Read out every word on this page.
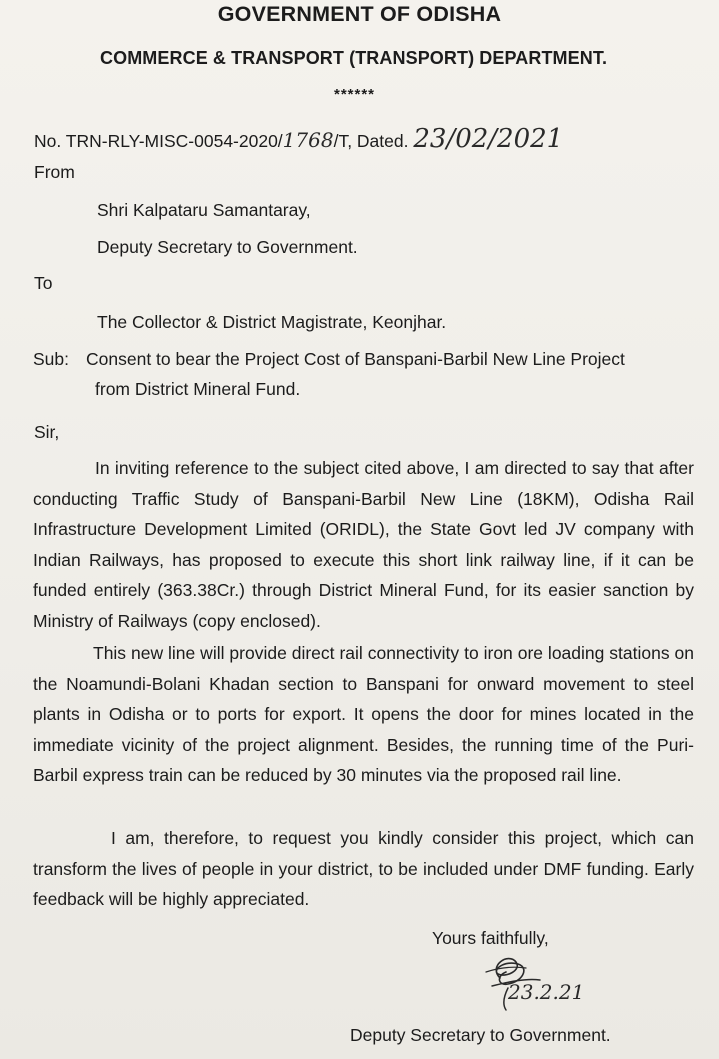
GOVERNMENT OF ODISHA
COMMERCE & TRANSPORT (TRANSPORT) DEPARTMENT.
******
No. TRN-RLY-MISC-0054-2020/1768/T, Dated. 23/02/2021
From
Shri Kalpataru Samantaray,
Deputy Secretary to Government.
To
The Collector & District Magistrate, Keonjhar.
Sub: Consent to bear the Project Cost of Banspani-Barbil New Line Project
from District Mineral Fund.
Sir,
In inviting reference to the subject cited above, I am directed to say that after conducting Traffic Study of Banspani-Barbil New Line (18KM), Odisha Rail Infrastructure Development Limited (ORIDL), the State Govt led JV company with Indian Railways, has proposed to execute this short link railway line, if it can be funded entirely (363.38Cr.) through District Mineral Fund, for its easier sanction by Ministry of Railways (copy enclosed).
This new line will provide direct rail connectivity to iron ore loading stations on the Noamundi-Bolani Khadan section to Banspani for onward movement to steel plants in Odisha or to ports for export. It opens the door for mines located in the immediate vicinity of the project alignment. Besides, the running time of the Puri-Barbil express train can be reduced by 30 minutes via the proposed rail line.
I am, therefore, to request you kindly consider this project, which can transform the lives of people in your district, to be included under DMF funding. Early feedback will be highly appreciated.
Yours faithfully,
23.2.21
Deputy Secretary to Government.
